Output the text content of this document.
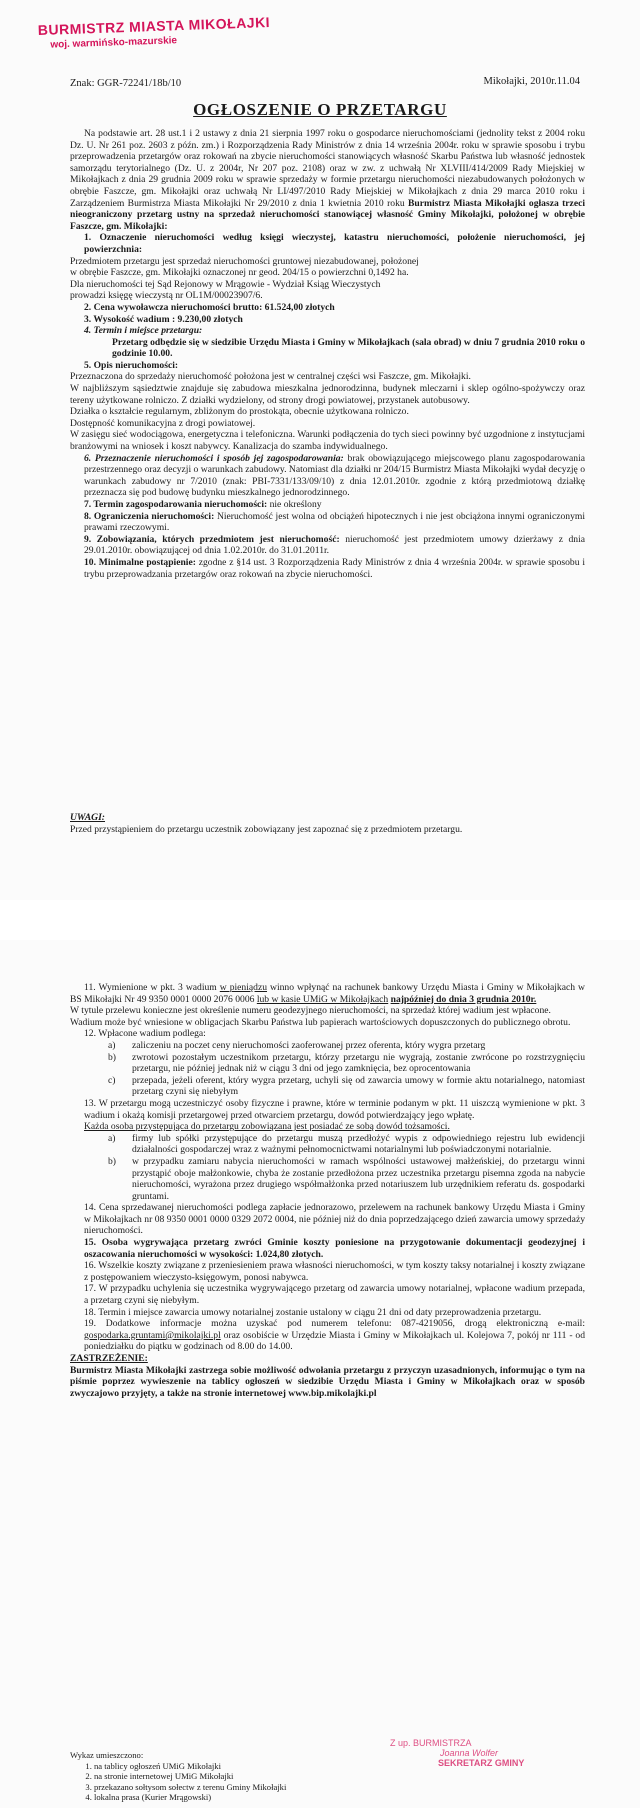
BURMISTRZ MIASTA MIKOŁAJKI
woj. warmińsko-mazurskie
Znak: GGR-72241/18b/10	Mikołajki, 2010r.11.04
OGŁOSZENIE O PRZETARGU

Na podstawie art. 28 ust.1 i 2 ustawy z dnia 21 sierpnia 1997 roku o gospodarce nieruchomościami (jednolity tekst z 2004 roku Dz. U. Nr 261 poz. 2603 z późn. zm.) i Rozporządzenia Rady Ministrów z dnia 14 września 2004r. roku w sprawie sposobu i trybu przeprowadzenia przetargów oraz rokowań na zbycie nieruchomości stanowiących własność Skarbu Państwa lub własność jednostek samorządu terytorialnego (Dz. U. z 2004r, Nr 207 poz. 2108) oraz w zw. z uchwałą Nr XLVIII/414/2009 Rady Miejskiej w Mikołajkach z dnia 29 grudnia 2009 roku w sprawie sprzedaży w formie przetargu nieruchomości niezabudowanych położonych w obrębie Faszcze, gm. Mikołajki oraz uchwałą Nr LI/497/2010 Rady Miejskiej w Mikołajkach z dnia 29 marca 2010 roku i Zarządzeniem Burmistrza Miasta Mikołajki Nr 29/2010 z dnia 1 kwietnia 2010 roku Burmistrz Miasta Mikołajki ogłasza trzeci nieograniczony przetarg ustny na sprzedaż nieruchomości stanowiącej własność Gminy Mikołajki, położonej w obrębie Faszcze, gm. Mikołajki:

1. Oznaczenie nieruchomości według księgi wieczystej, katastru nieruchomości, położenie nieruchomości, jej powierzchnia:

Przedmiotem przetargu jest sprzedaż nieruchomości gruntowej niezabudowanej, położonej

w obrębie Faszcze, gm. Mikołajki oznaczonej nr geod. 204/15 o powierzchni 0,1492 ha.

Dla nieruchomości tej Sąd Rejonowy w Mrągowie - Wydział Ksiąg Wieczystych

prowadzi księgę wieczystą nr OL1M/00023907/6.

2. Cena wywoławcza nieruchomości brutto: 61.524,00 złotych

3. Wysokość wadium : 9.230,00 złotych

4. Termin i miejsce przetargu:

Przetarg odbędzie się w siedzibie Urzędu Miasta i Gminy w Mikołajkach (sala obrad) w dniu 7 grudnia 2010 roku o godzinie 10.00.

5. Opis nieruchomości:

Przeznaczona do sprzedaży nieruchomość położona jest w centralnej części wsi Faszcze, gm. Mikołajki.

W najbliższym sąsiedztwie znajduje się zabudowa mieszkalna jednorodzinna, budynek mleczarni i sklep ogólno-spożywczy oraz tereny użytkowane rolniczo. Z działki wydzielony, od strony drogi powiatowej, przystanek autobusowy.

Działka o kształcie regularnym, zbliżonym do prostokąta, obecnie użytkowana rolniczo.

Dostępność komunikacyjna z drogi powiatowej.

W zasięgu sieć wodociągowa, energetyczna i telefoniczna. Warunki podłączenia do tych sieci powinny być uzgodnione z instytucjami branżowymi na wniosek i koszt nabywcy. Kanalizacja do szamba indywidualnego.

6. Przeznaczenie nieruchomości i sposób jej zagospodarowania: brak obowiązującego miejscowego planu zagospodarowania przestrzennego oraz decyzji o warunkach zabudowy. Natomiast dla działki nr 204/15 Burmistrz Miasta Mikołajki wydał decyzję o warunkach zabudowy nr 7/2010 (znak: PBI-7331/133/09/10) z dnia 12.01.2010r. zgodnie z którą przedmiotową działkę przeznacza się pod budowę budynku mieszkalnego jednorodzinnego.

7. Termin zagospodarowania nieruchomości: nie określony

8. Ograniczenia nieruchomości: Nieruchomość jest wolna od obciążeń hipotecznych i nie jest obciążona innymi ograniczonymi prawami rzeczowymi.

9. Zobowiązania, których przedmiotem jest nieruchomość: nieruchomość jest przedmiotem umowy dzierżawy z dnia 29.01.2010r. obowiązującej od dnia 1.02.2010r. do 31.01.2011r.

10. Minimalne postąpienie: zgodne z §14 ust. 3 Rozporządzenia Rady Ministrów z dnia 4 września 2004r. w sprawie sposobu i trybu przeprowadzania przetargów oraz rokowań na zbycie nieruchomości.

UWAGI:

Przed przystąpieniem do przetargu uczestnik zobowiązany jest zapoznać się z przedmiotem przetargu.

11. Wymienione w pkt. 3 wadium w pieniądzu winno wpłynąć na rachunek bankowy Urzędu Miasta i Gminy w Mikołajkach w BS Mikołajki Nr 49 9350 0001 0000 2076 0006 lub w kasie UMiG w Mikołajkach najpóźniej do dnia 3 grudnia 2010r.

W tytule przelewu konieczne jest określenie numeru geodezyjnego nieruchomości, na sprzedaż której wadium jest wpłacone.

Wadium może być wniesione w obligacjach Skarbu Państwa lub papierach wartościowych dopuszczonych do publicznego obrotu.

12. Wpłacone wadium podlega:

a)	zaliczeniu na poczet ceny nieruchomości zaoferowanej przez oferenta, który wygra przetarg
b)	zwrotowi pozostałym uczestnikom przetargu, którzy przetargu nie wygrają, zostanie zwrócone po rozstrzygnięciu przetargu, nie później jednak niż w ciągu 3 dni od jego zamknięcia, bez oprocentowania
c)	przepada, jeżeli oferent, który wygra przetarg, uchyli się od zawarcia umowy w formie aktu notarialnego, natomiast przetarg czyni się niebyłym

13. W przetargu mogą uczestniczyć osoby fizyczne i prawne, które w terminie podanym w pkt. 11 uiszczą wymienione w pkt. 3 wadium i okażą komisji przetargowej przed otwarciem przetargu, dowód potwierdzający jego wpłatę.

Każda osoba przystępująca do przetargu zobowiązana jest posiadać ze sobą dowód tożsamości.

a)	firmy lub spółki przystępujące do przetargu muszą przedłożyć wypis z odpowiedniego rejestru lub ewidencji działalności gospodarczej wraz z ważnymi pełnomocnictwami notarialnymi lub poświadczonymi notarialnie.
b)	w przypadku zamiaru nabycia nieruchomości w ramach wspólności ustawowej małżeńskiej, do przetargu winni przystąpić oboje małżonkowie, chyba że zostanie przedłożona przez uczestnika przetargu pisemna zgoda na nabycie nieruchomości, wyrażona przez drugiego współmałżonka przed notariuszem lub urzędnikiem referatu ds. gospodarki gruntami.

14. Cena sprzedawanej nieruchomości podlega zapłacie jednorazowo, przelewem na rachunek bankowy Urzędu Miasta i Gminy w Mikołajkach nr 08 9350 0001 0000 0329 2072 0004, nie później niż do dnia poprzedzającego dzień zawarcia umowy sprzedaży nieruchomości.

15. Osoba wygrywająca przetarg zwróci Gminie koszty poniesione na przygotowanie dokumentacji geodezyjnej i oszacowania nieruchomości w wysokości: 1.024,80 złotych.

16. Wszelkie koszty związane z przeniesieniem prawa własności nieruchomości, w tym koszty taksy notarialnej i koszty związane z postępowaniem wieczysto-księgowym, ponosi nabywca.

17. W przypadku uchylenia się uczestnika wygrywającego przetarg od zawarcia umowy notarialnej, wpłacone wadium przepada, a przetarg czyni się niebyłym.

18. Termin i miejsce zawarcia umowy notarialnej zostanie ustalony w ciągu 21 dni od daty przeprowadzenia przetargu.

19. Dodatkowe informacje można uzyskać pod numerem telefonu: 087-4219056, drogą elektroniczną e-mail: gospodarka.gruntami@mikolajki.pl oraz osobiście w Urzędzie Miasta i Gminy w Mikołajkach ul. Kolejowa 7, pokój nr 111 - od poniedziałku do piątku w godzinach od 8.00 do 14.00.

ZASTRZEŻENIE:

Burmistrz Miasta Mikołajki zastrzega sobie możliwość odwołania przetargu z przyczyn uzasadnionych, informując o tym na piśmie poprzez wywieszenie na tablicy ogłoszeń w siedzibie Urzędu Miasta i Gminy w Mikołajkach oraz w sposób zwyczajowo przyjęty, a także na stronie internetowej www.bip.mikolajki.pl

Wykaz umieszczono:

1. na tablicy ogłoszeń UMiG Mikołajki
2. na stronie internetowej UMiG Mikołajki
3. przekazano sołtysom sołectw z terenu Gminy Mikołajki
4. lokalna prasa (Kurier Mrągowski)
Z up. BURMISTRZA
Joanna Wolfer
SEKRETARZ GMINY
